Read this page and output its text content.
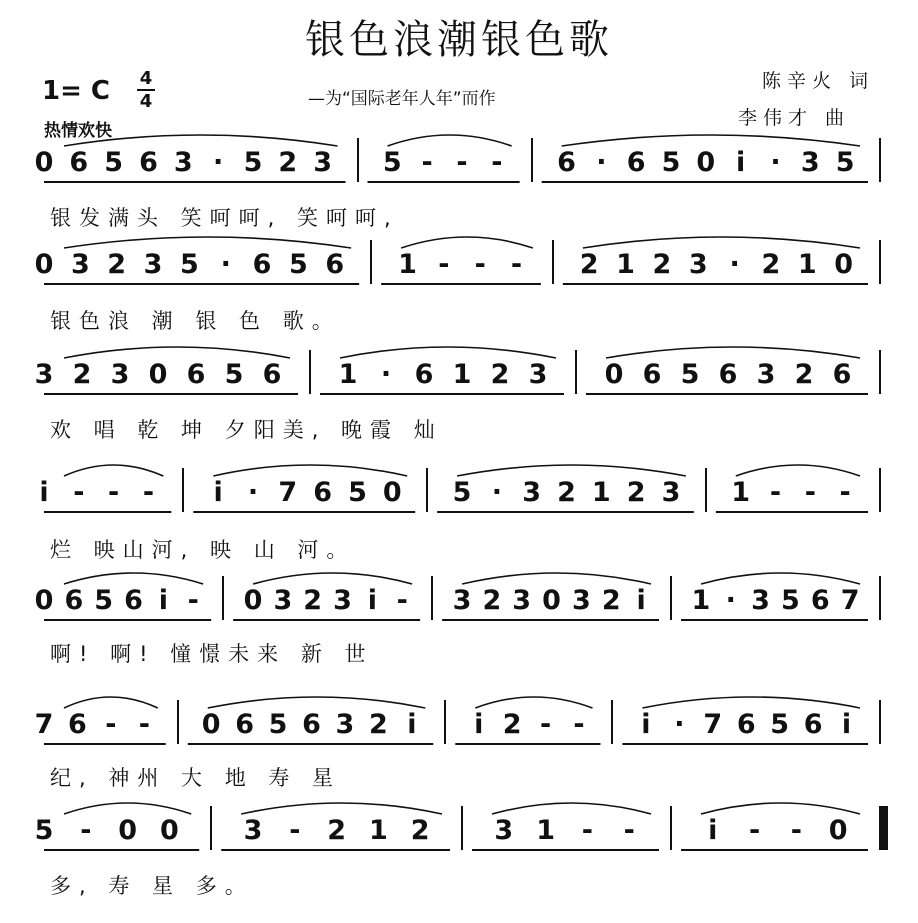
银色浪潮银色歌
1= C 4
4	—为“国际老年人年”而作
陈辛火 词
李伟才 曲
热情欢快
0 6 5 6 3 · 5 2 3 5 - - - 6 · 6 5 0 i · 3 5
银发满头 笑呵呵, 笑呵呵,
0 3 2 3 5 · 6 5 6 1 - - - 2 1 2 3 · 2 1 0
银色浪 潮 银 色 歌。
3 2 3 0 6 5 6 1 · 6 1 2 3 0 6 5 6 3 2 6
欢 唱 乾 坤 夕阳美, 晚霞 灿
i - - - i · 7 6 5 0 5 · 3 2 1 2 3 1 - - -
烂 映山河, 映 山 河。
0 6 5 6 i - 0 3 2 3 i - 3 2 3 0 3 2 i 1 · 3 5 6 7
啊! 啊! 憧憬未来 新 世
7 6 - - 0 6 5 6 3 2 i i 2 - - i · 7 6 5 6 i
纪, 神州 大 地 寿 星
5 - 0 0 3 - 2 1 2 3 1 - -	i - - 0
多, 寿 星 多。
